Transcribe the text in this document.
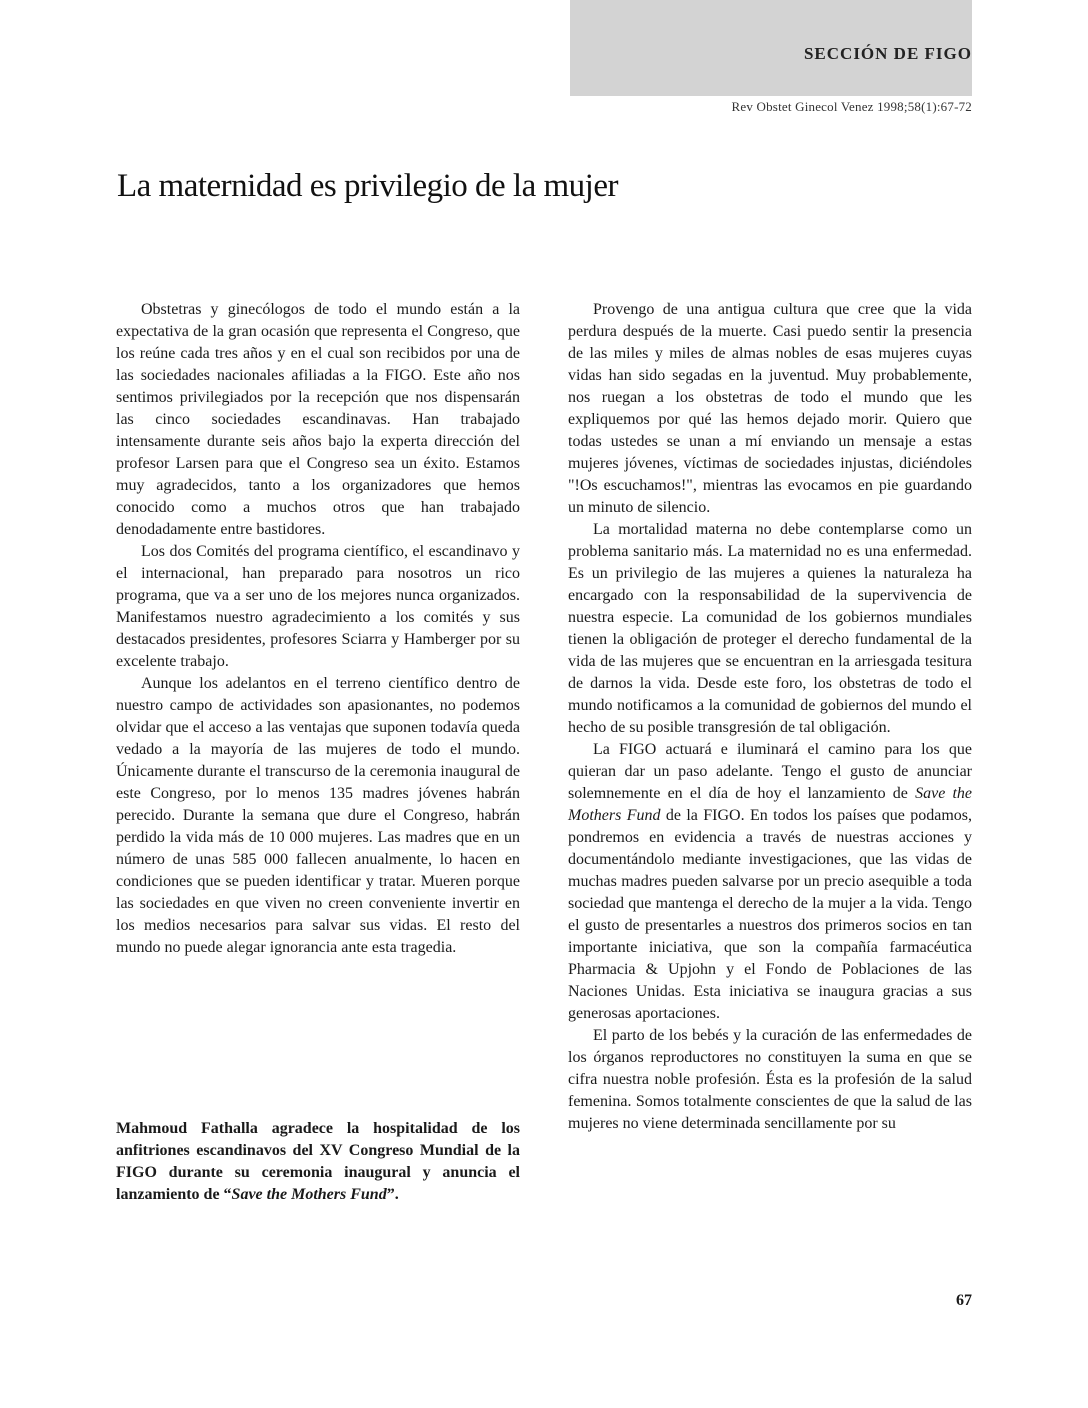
SECCIÓN DE FIGO
Rev Obstet Ginecol Venez 1998;58(1):67-72
La maternidad es privilegio de la mujer

Obstetras y ginecólogos de todo el mundo están a la expectativa de la gran ocasión que representa el Congreso, que los reúne cada tres años y en el cual son recibidos por una de las sociedades nacionales afiliadas a la FIGO. Este año nos sentimos privilegiados por la recepción que nos dispensarán las cinco sociedades escandinavas. Han trabajado intensamente durante seis años bajo la experta dirección del profesor Larsen para que el Congreso sea un éxito. Estamos muy agradecidos, tanto a los organizadores que hemos conocido como a muchos otros que han trabajado denodadamente entre bastidores.

Los dos Comités del programa científico, el escandinavo y el internacional, han preparado para nosotros un rico programa, que va a ser uno de los mejores nunca organizados. Manifestamos nuestro agradecimiento a los comités y sus destacados presidentes, profesores Sciarra y Hamberger por su excelente trabajo.

Aunque los adelantos en el terreno científico dentro de nuestro campo de actividades son apasionantes, no podemos olvidar que el acceso a las ventajas que suponen todavía queda vedado a la mayoría de las mujeres de todo el mundo. Únicamente durante el transcurso de la ceremonia inaugural de este Congreso, por lo menos 135 madres jóvenes habrán perecido. Durante la semana que dure el Congreso, habrán perdido la vida más de 10 000 mujeres. Las madres que en un número de unas 585 000 fallecen anualmente, lo hacen en condiciones que se pueden identificar y tratar. Mueren porque las sociedades en que viven no creen conveniente invertir en los medios necesarios para salvar sus vidas. El resto del mundo no puede alegar ignorancia ante esta tragedia.

Mahmoud Fathalla agradece la hospitalidad de los anfitriones escandinavos del XV Congreso Mundial de la FIGO durante su ceremonia inaugural y anuncia el lanzamiento de “Save the Mothers Fund”.

Provengo de una antigua cultura que cree que la vida perdura después de la muerte. Casi puedo sentir la presencia de las miles y miles de almas nobles de esas mujeres cuyas vidas han sido segadas en la juventud. Muy probablemente, nos ruegan a los obstetras de todo el mundo que les expliquemos por qué las hemos dejado morir. Quiero que todas ustedes se unan a mí enviando un mensaje a estas mujeres jóvenes, víctimas de sociedades injustas, diciéndoles "!Os escuchamos!", mientras las evocamos en pie guardando un minuto de silencio.

La mortalidad materna no debe contemplarse como un problema sanitario más. La maternidad no es una enfermedad. Es un privilegio de las mujeres a quienes la naturaleza ha encargado con la responsabilidad de la supervivencia de nuestra especie. La comunidad de los gobiernos mundiales tienen la obligación de proteger el derecho fundamental de la vida de las mujeres que se encuentran en la arriesgada tesitura de darnos la vida. Desde este foro, los obstetras de todo el mundo notificamos a la comunidad de gobiernos del mundo el hecho de su posible transgresión de tal obligación.

La FIGO actuará e iluminará el camino para los que quieran dar un paso adelante. Tengo el gusto de anunciar solemnemente en el día de hoy el lanzamiento de Save the Mothers Fund de la FIGO. En todos los países que podamos, pondremos en evidencia a través de nuestras acciones y documentándolo mediante investigaciones, que las vidas de muchas madres pueden salvarse por un precio asequible a toda sociedad que mantenga el derecho de la mujer a la vida. Tengo el gusto de presentarles a nuestros dos primeros socios en tan importante iniciativa, que son la compañía farmacéutica Pharmacia & Upjohn y el Fondo de Poblaciones de las Naciones Unidas. Esta iniciativa se inaugura gracias a sus generosas aportaciones.

El parto de los bebés y la curación de las enfermedades de los órganos reproductores no constituyen la suma en que se cifra nuestra noble profesión. Ésta es la profesión de la salud femenina. Somos totalmente conscientes de que la salud de las mujeres no viene determinada sencillamente por su

67
